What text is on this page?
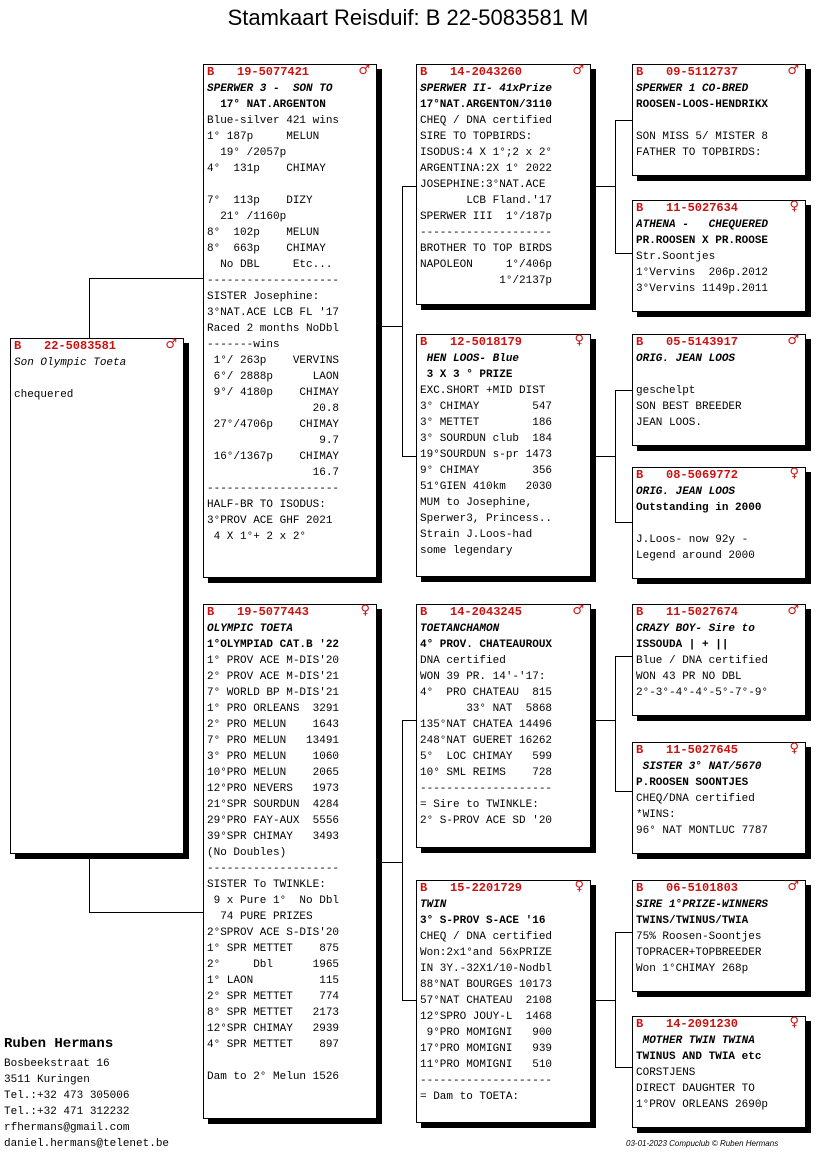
Stamkaart Reisduif: B 22-5083581 M
B 22-5083581	♂
Son Olympic Toeta
chequered
B 19-5077421	♂
SPERWER 3 -  SON TO
17° NAT.ARGENTON
Blue-silver 421 wins
1° 187p     MELUN
19° /2057p
4°  131p    CHIMAY
7°  113p    DIZY
21° /1160p
8°  102p    MELUN
8°  663p    CHIMAY
No DBL     Etc...
--------------------
SISTER Josephine:
3°NAT.ACE LCB FL '17
Raced 2 months NoDbl
-------wins
1°/ 263p    VERVINS
6°/ 2888p      LAON
9°/ 4180p    CHIMAY
20.8
27°/4706p    CHIMAY
9.7
16°/1367p    CHIMAY
16.7
--------------------
HALF-BR TO ISODUS:
3°PROV ACE GHF 2021
4 X 1°+ 2 x 2°
B 19-5077443	♀
OLYMPIC TOETA
1°OLYMPIAD CAT.B '22
1° PROV ACE M-DIS'20
2° PROV ACE M-DIS'21
7° WORLD BP M-DIS'21
1° PRO ORLEANS  3291
2° PRO MELUN    1643
7° PRO MELUN   13491
3° PRO MELUN    1060
10°PRO MELUN    2065
12°PRO NEVERS   1973
21°SPR SOURDUN  4284
29°PRO FAY-AUX  5556
39°SPR CHIMAY   3493
(No Doubles)
--------------------
SISTER To TWINKLE:
9 x Pure 1°  No Dbl
74 PURE PRIZES
2°SPROV ACE S-DIS'20
1° SPR METTET    875
2°     Dbl      1965
1° LAON          115
2° SPR METTET    774
8° SPR METTET   2173
12°SPR CHIMAY   2939
4° SPR METTET    897
Dam to 2° Melun 1526
B 14-2043260	♂
SPERWER II- 41xPrize
17°NAT.ARGENTON/3110
CHEQ / DNA certified
SIRE TO TOPBIRDS:
ISODUS:4 X 1°;2 x 2°
ARGENTINA:2X 1° 2022
JOSEPHINE:3°NAT.ACE
LCB Fland.'17
SPERWER III  1°/187p
--------------------
BROTHER TO TOP BIRDS
NAPOLEON     1°/406p
1°/2137p
B 12-5018179	♀
HEN LOOS- Blue
3 X 3 ° PRIZE
EXC.SHORT +MID DIST
3° CHIMAY        547
3° METTET        186
3° SOURDUN club  184
19°SOURDUN s-pr 1473
9° CHIMAY        356
51°GIEN 410km   2030
MUM to Josephine,
Sperwer3, Princess..
Strain J.Loos-had
some legendary
B 14-2043245	♂
TOETANCHAMON
4° PROV. CHATEAUROUX
DNA certified
WON 39 PR. 14'-'17:
4°  PRO CHATEAU  815
33° NAT  5868
135°NAT CHATEA 14496
248°NAT GUERET 16262
5°  LOC CHIMAY   599
10° SML REIMS    728
--------------------
= Sire to TWINKLE:
2° S-PROV ACE SD '20
B 15-2201729	♀
TWIN
3° S-PROV S-ACE '16
CHEQ / DNA certified
Won:2x1°and 56xPRIZE
IN 3Y.-32X1/10-Nodbl
88°NAT BOURGES 10173
57°NAT CHATEAU  2108
12°SPRO JOUY-L  1468
9°PRO MOMIGNI   900
17°PRO MOMIGNI   939
11°PRO MOMIGNI   510
--------------------
= Dam to TOETA:
B 09-5112737	♂
SPERWER 1 CO-BRED
ROOSEN-LOOS-HENDRIKX
SON MISS 5/ MISTER 8
FATHER TO TOPBIRDS:
B 11-5027634	♀
ATHENA -   CHEQUERED
PR.ROOSEN X PR.ROOSE
Str.Soontjes
1°Vervins  206p.2012
3°Vervins 1149p.2011
B 05-5143917	♂
ORIG. JEAN LOOS
geschelpt
SON BEST BREEDER
JEAN LOOS.
B 08-5069772	♀
ORIG. JEAN LOOS
Outstanding in 2000
J.Loos- now 92y -
Legend around 2000
B 11-5027674	♂
CRAZY BOY- Sire to
ISSOUDA | + ||
Blue / DNA certified
WON 43 PR NO DBL
2°-3°-4°-4°-5°-7°-9°
B 11-5027645	♀
SISTER 3° NAT/5670
P.ROOSEN SOONTJES
CHEQ/DNA certified
*WINS:
96° NAT MONTLUC 7787
B 06-5101803	♂
SIRE 1°PRIZE-WINNERS
TWINS/TWINUS/TWIA
75% Roosen-Soontjes
TOPRACER+TOPBREEDER
Won 1°CHIMAY 268p
B 14-2091230	♀
MOTHER TWIN TWINA
TWINUS AND TWIA etc
CORSTJENS
DIRECT DAUGHTER TO
1°PROV ORLEANS 2690p
Ruben Hermans
Bosbeekstraat 16
3511 Kuringen
Tel.:+32 473 305006
Tel.:+32 471 312232
rfhermans@gmail.com
daniel.hermans@telenet.be	03-01-2023 Compuclub © Ruben Hermans
